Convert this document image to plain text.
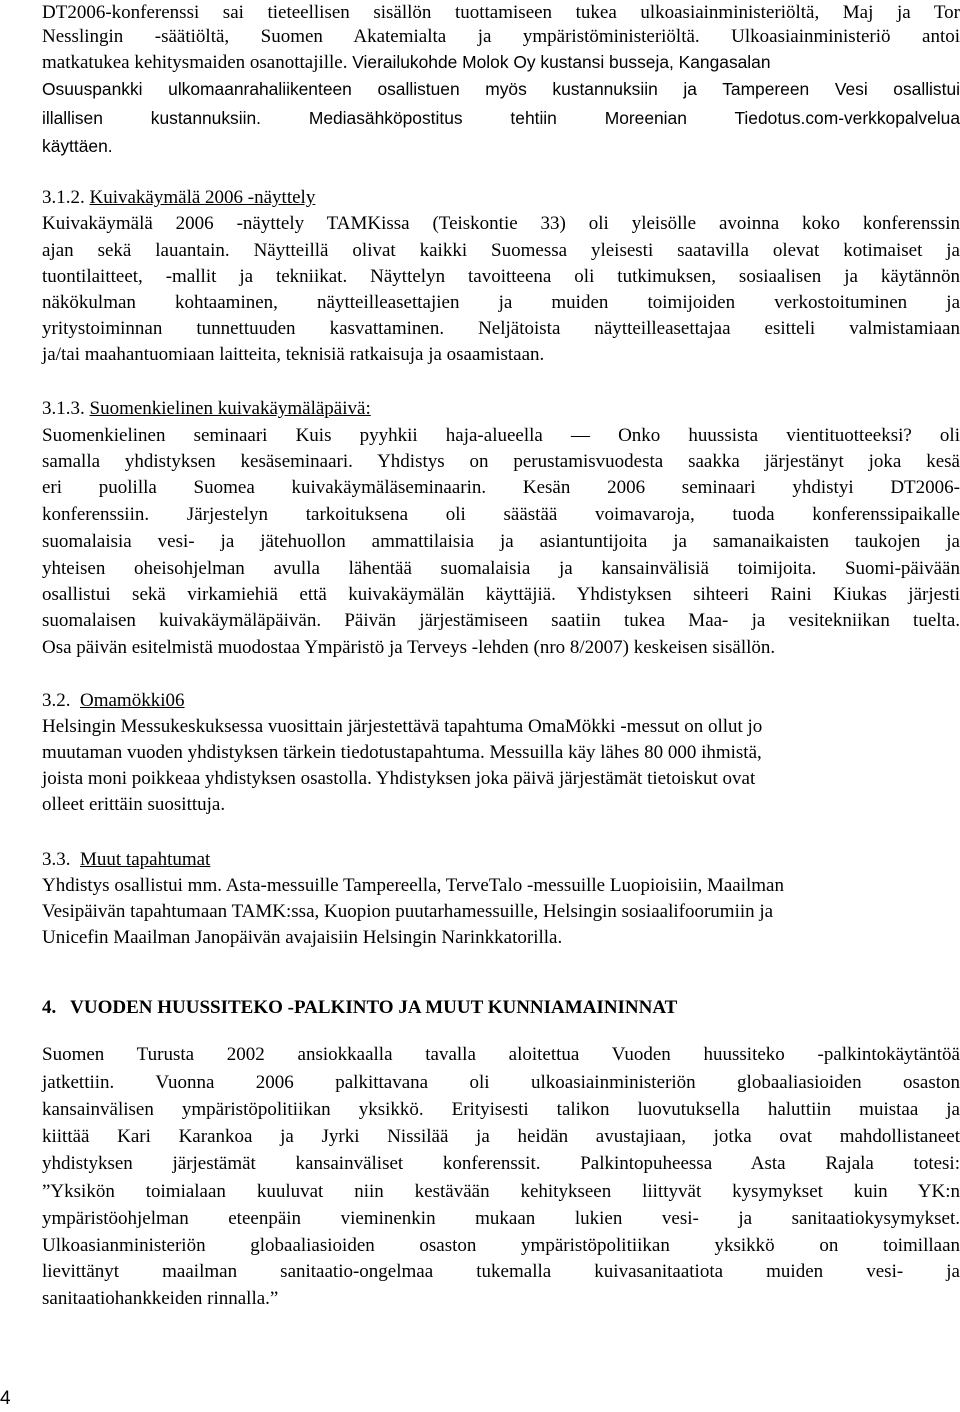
DT2006-konferenssi sai tieteellisen sisällön tuottamiseen tukea ulkoasiainministeriöltä, Maj ja Tor
Nesslingin -säätiöltä, Suomen Akatemialta ja ympäristöministeriöltä. Ulkoasiainministeriö antoi
matkatukea kehitysmaiden osanottajille. Vierailukohde Molok Oy kustansi busseja, Kangasalan
Osuuspankki ulkomaanrahaliikenteen osallistuen myös kustannuksiin ja Tampereen Vesi osallistui
illallisen kustannuksiin. Mediasähköpostitus tehtiin Moreenian Tiedotus.com-verkkopalvelua
käyttäen.
3.1.2. Kuivakäymälä 2006 -näyttely
Kuivakäymälä 2006 -näyttely TAMKissa (Teiskontie 33) oli yleisölle avoinna koko konferenssin
ajan sekä lauantain. Näytteillä olivat kaikki Suomessa yleisesti saatavilla olevat kotimaiset ja
tuontilaitteet, -mallit ja tekniikat. Näyttelyn tavoitteena oli tutkimuksen, sosiaalisen ja käytännön
näkökulman kohtaaminen, näytteilleasettajien ja muiden toimijoiden verkostoituminen ja
yritystoiminnan tunnettuuden kasvattaminen. Neljätoista näytteilleasettajaa esitteli valmistamiaan
ja/tai maahantuomiaan laitteita, teknisiä ratkaisuja ja osaamistaan.
3.1.3. Suomenkielinen kuivakäymäläpäivä:
Suomenkielinen seminaari Kuis pyyhkii haja-alueella — Onko huussista vientituotteeksi? oli
samalla yhdistyksen kesäseminaari. Yhdistys on perustamisvuodesta saakka järjestänyt joka kesä
eri puolilla Suomea kuivakäymäläseminaarin. Kesän 2006 seminaari yhdistyi DT2006-
konferenssiin. Järjestelyn tarkoituksena oli säästää voimavaroja, tuoda konferenssipaikalle
suomalaisia vesi- ja jätehuollon ammattilaisia ja asiantuntijoita ja samanaikaisten taukojen ja
yhteisen oheisohjelman avulla lähentää suomalaisia ja kansainvälisiä toimijoita. Suomi-päivään
osallistui sekä virkamiehiä että kuivakäymälän käyttäjiä. Yhdistyksen sihteeri Raini Kiukas järjesti
suomalaisen kuivakäymäläpäivän. Päivän järjestämiseen saatiin tukea Maa- ja vesitekniikan tuelta.
Osa päivän esitelmistä muodostaa Ympäristö ja Terveys -lehden (nro 8/2007) keskeisen sisällön.
3.2. Omamökki06
Helsingin Messukeskuksessa vuosittain järjestettävä tapahtuma OmaMökki -messut on ollut jo
muutaman vuoden yhdistyksen tärkein tiedotustapahtuma. Messuilla käy lähes 80 000 ihmistä,
joista moni poikkeaa yhdistyksen osastolla. Yhdistyksen joka päivä järjestämät tietoiskut ovat
olleet erittäin suosittuja.
3.3. Muut tapahtumat
Yhdistys osallistui mm. Asta-messuille Tampereella, TerveTalo -messuille Luopioisiin, Maailman
Vesipäivän tapahtumaan TAMK:ssa, Kuopion puutarhamessuille, Helsingin sosiaalifoorumiin ja
Unicefin Maailman Janopäivän avajaisiin Helsingin Narinkkatorilla.
4. VUODEN HUUSSITEKO -PALKINTO JA MUUT KUNNIAMAININNAT
Suomen Turusta 2002 ansiokkaalla tavalla aloitettua Vuoden huussiteko -palkintokäytäntöä
jatkettiin. Vuonna 2006 palkittavana oli ulkoasiainministeriön globaaliasioiden osaston
kansainvälisen ympäristöpolitiikan yksikkö. Erityisesti talikon luovutuksella haluttiin muistaa ja
kiittää Kari Karankoa ja Jyrki Nissilää ja heidän avustajiaan, jotka ovat mahdollistaneet
yhdistyksen järjestämät kansainväliset konferenssit. Palkintopuheessa Asta Rajala totesi:
”Yksikön toimialaan kuuluvat niin kestävään kehitykseen liittyvät kysymykset kuin YK:n
ympäristöohjelman eteenpäin vieminenkin mukaan lukien vesi- ja sanitaatiokysymykset.
Ulkoasianministeriön globaaliasioiden osaston ympäristöpolitiikan yksikkö on toimillaan
lievittänyt maailman sanitaatio-ongelmaa tukemalla kuivasanitaatiota muiden vesi- ja
sanitaatiohankkeiden rinnalla.”
4
